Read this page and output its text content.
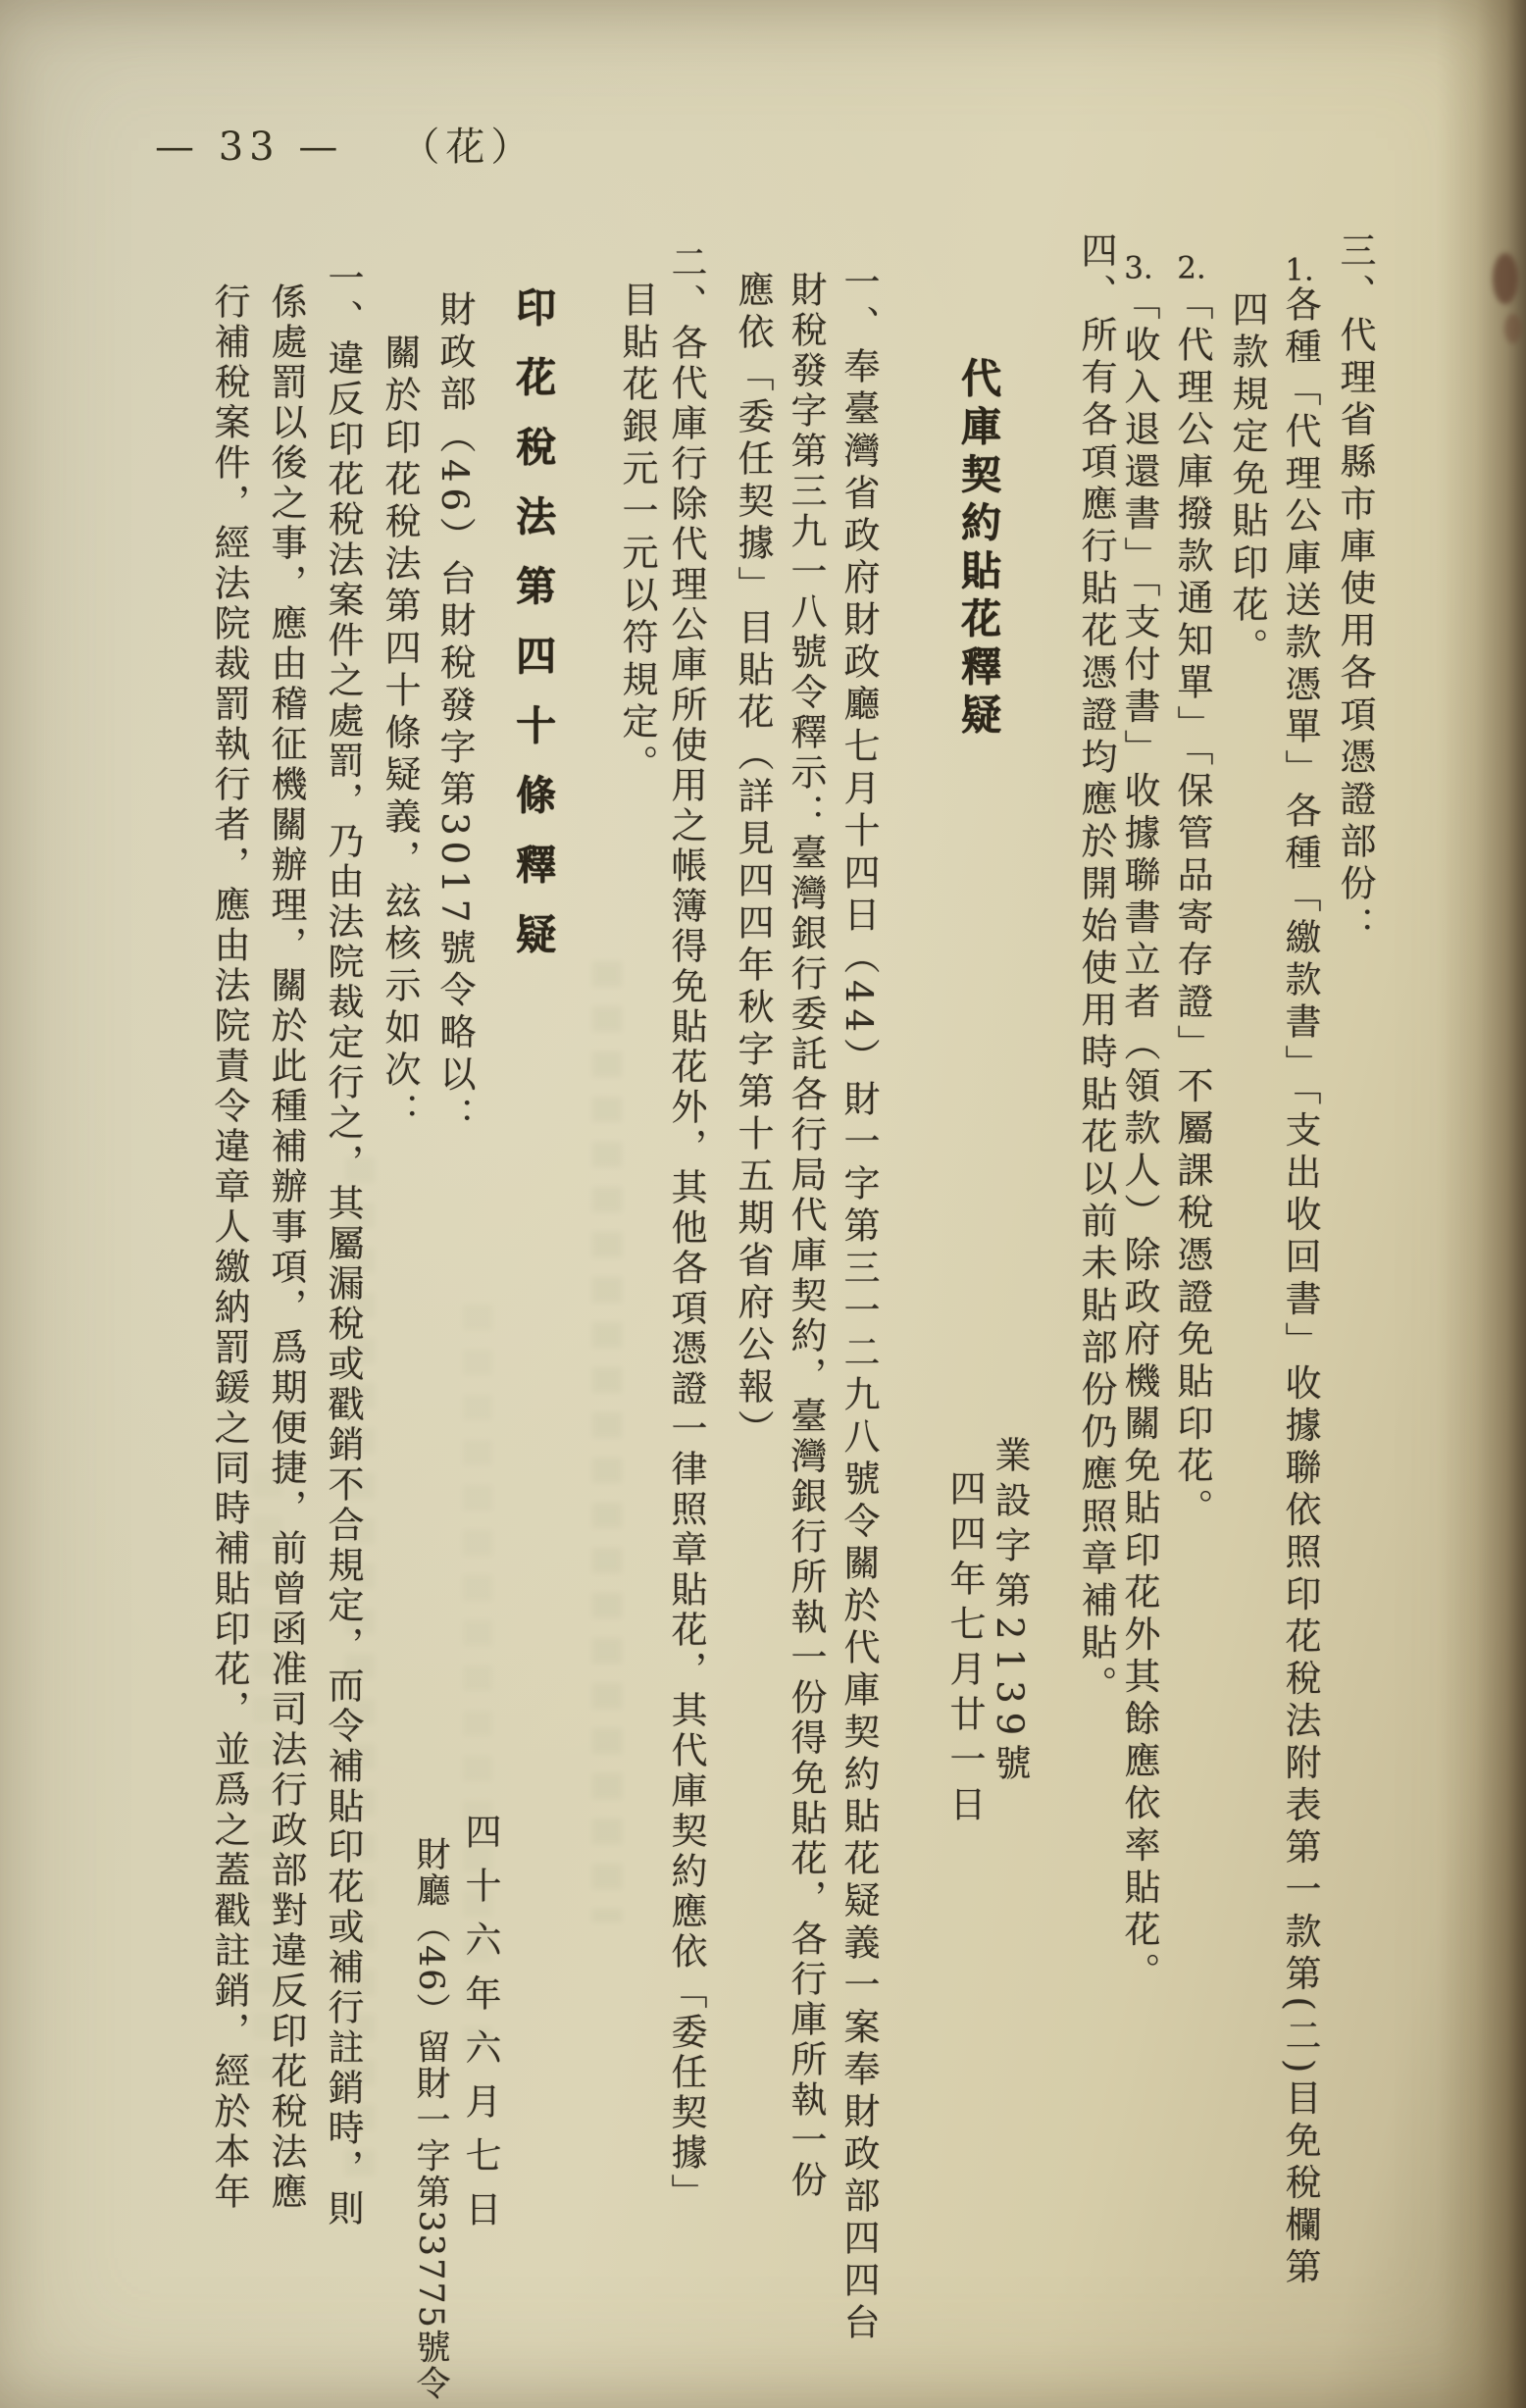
— 33 — （花）
三、代理省縣市庫使用各項憑證部份：
1.各種「代理公庫送款憑單」各種「繳款書」「支出收回書」收據聯依照印花稅法附表第一款第(二)目免稅欄第
四款規定免貼印花。
2.「代理公庫撥款通知單」「保管品寄存證」不屬課稅憑證免貼印花。
3.「收入退還書」「支付書」收據聯書立者（領款人）除政府機關免貼印花外其餘應依率貼花。
四、所有各項應行貼花憑證均應於開始使用時貼花以前未貼部份仍應照章補貼。
業設字第2139號
四四年七月廿一日
代庫契約貼花釋疑
一、奉臺灣省政府財政廳七月十四日（44）財一字第三一二九八號令關於代庫契約貼花疑義一案奉財政部四四台
財稅發字第三九一八號令釋示：臺灣銀行委託各行局代庫契約，臺灣銀行所執一份得免貼花，各行庫所執一份
應依「委任契據」目貼花（詳見四四年秋字第十五期省府公報）
二、各代庫行除代理公庫所使用之帳簿得免貼花外，其他各項憑證一律照章貼花，其代庫契約應依「委任契據」
目貼花銀元一元以符規定。
印花稅法第四十條釋疑
財政部（46）台財稅發字第3017號令略以：
關於印花稅法第四十條疑義，玆核示如次：
一、違反印花稅法案件之處罰，乃由法院裁定行之，其屬漏稅或戳銷不合規定，而令補貼印花或補行註銷時，則
係處罰以後之事，應由稽征機關辦理，關於此種補辦事項，爲期便捷，前曾函准司法行政部對違反印花稅法應
行補稅案件，經法院裁罰執行者，應由法院責令違章人繳納罰鍰之同時補貼印花，並爲之蓋戳註銷，經於本年	四十六年六月七日
財廳（46）留財一字第33775號令
